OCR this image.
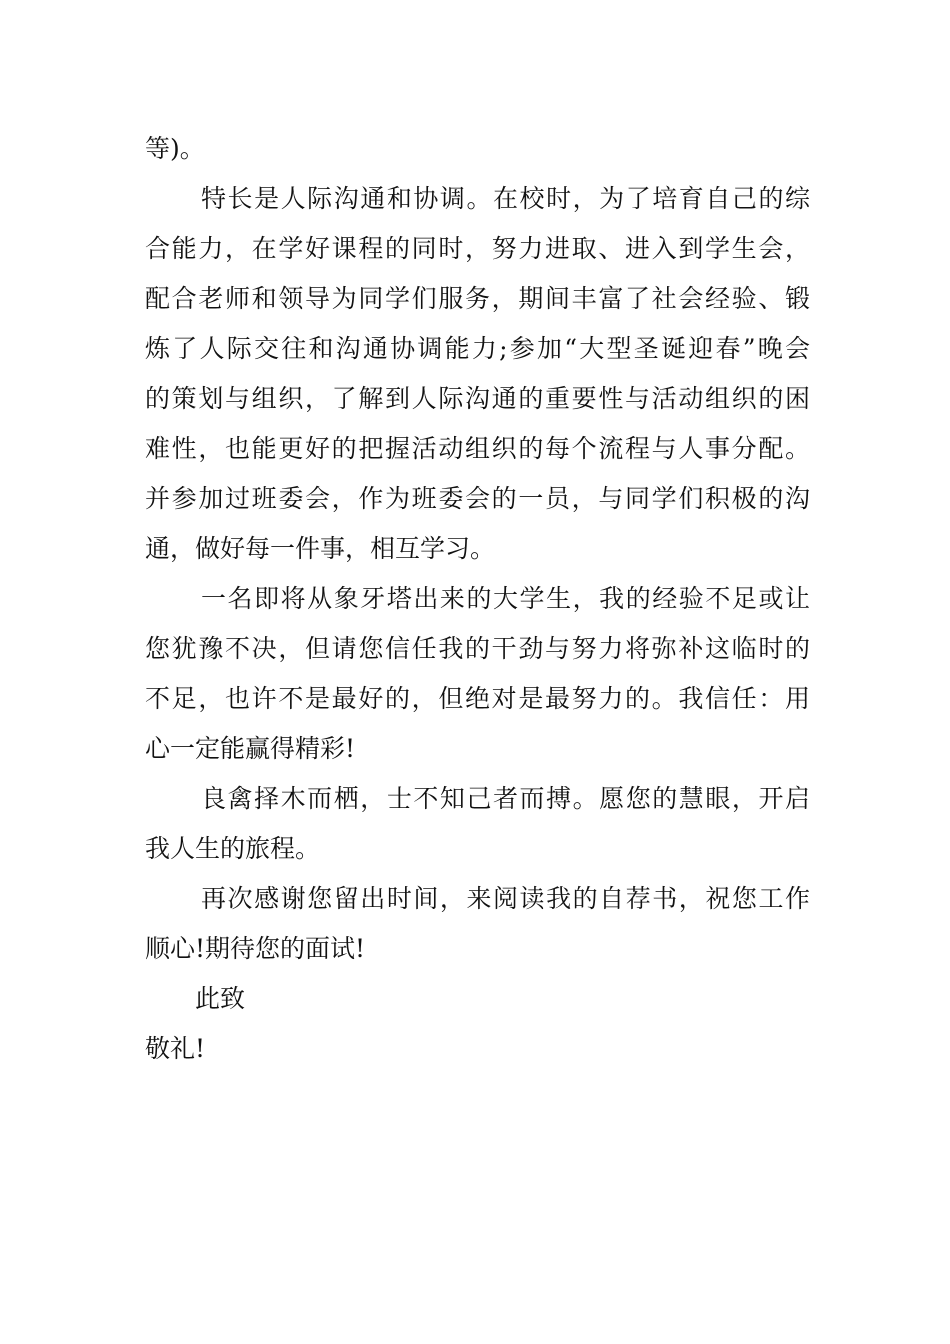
等)。
特长是人际沟通和协调。在校时，为了培育自己的综
合能力，在学好课程的同时，努力进取、进入到学生会，
配合老师和领导为同学们服务，期间丰富了社会经验、锻
炼了人际交往和沟通协调能力;参加“大型圣诞迎春”晚会
的策划与组织，了解到人际沟通的重要性与活动组织的困
难性，也能更好的把握活动组织的每个流程与人事分配。
并参加过班委会，作为班委会的一员，与同学们积极的沟
通，做好每一件事，相互学习。
一名即将从象牙塔出来的大学生，我的经验不足或让
您犹豫不决，但请您信任我的干劲与努力将弥补这临时的
不足，也许不是最好的，但绝对是最努力的。我信任：用
心一定能赢得精彩!
良禽择木而栖，士不知己者而搏。愿您的慧眼，开启
我人生的旅程。
再次感谢您留出时间，来阅读我的自荐书，祝您工作
顺心!期待您的面试!
此致
敬礼!
